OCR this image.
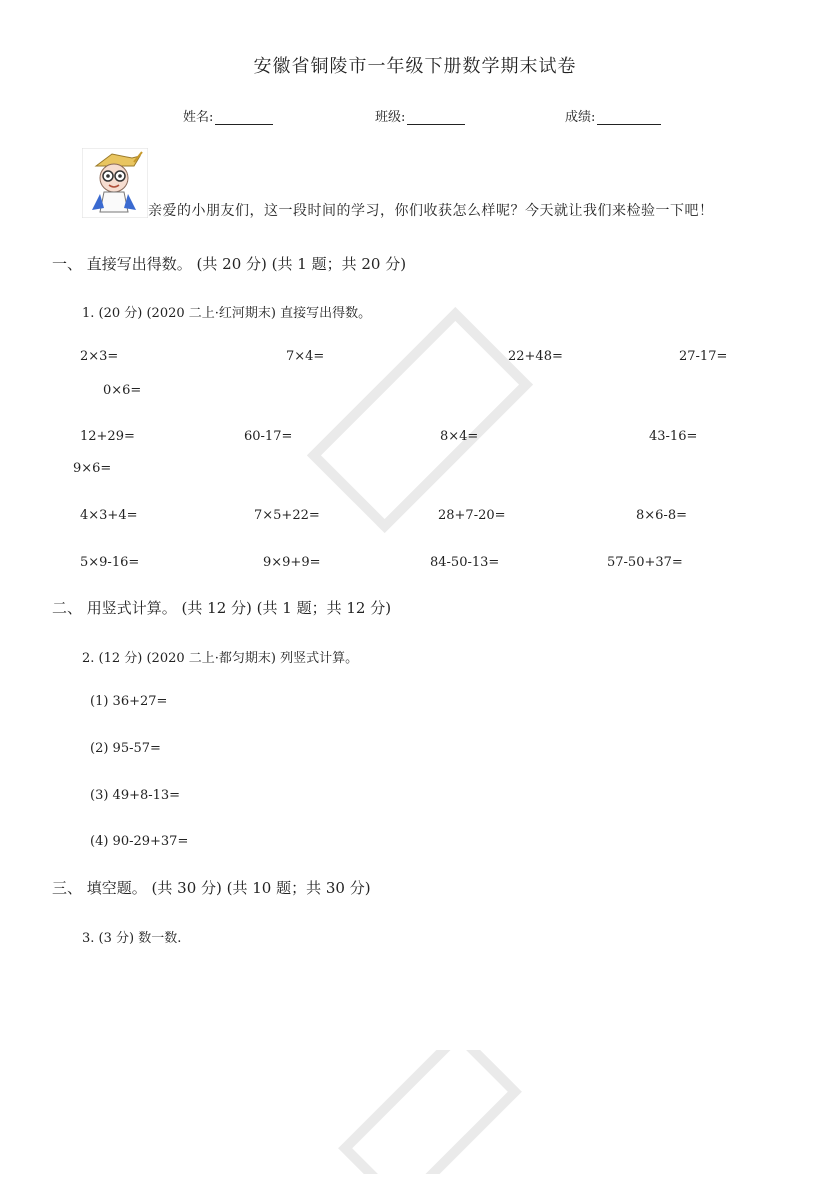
安徽省铜陵市一年级下册数学期末试卷
姓名:	班级:	成绩:
亲爱的小朋友们，这一段时间的学习，你们收获怎么样呢？今天就让我们来检验一下吧！
一、 直接写出得数。 (共 20 分) (共 1 题；共 20 分)
1. (20 分) (2020 二上·红河期末) 直接写出得数。
2×3=	7×4=	22+48=	27-17=
0×6=
12+29=	60-17=	8×4=	43-16=
9×6=
4×3+4=	7×5+22=	28+7-20=	8×6-8=
5×9-16=	9×9+9=	84-50-13=	57-50+37=
二、 用竖式计算。 (共 12 分) (共 1 题；共 12 分)
2. (12 分) (2020 二上·都匀期末) 列竖式计算。
(1) 36+27=
(2) 95-57=
(3) 49+8-13=
(4) 90-29+37=
三、 填空题。 (共 30 分) (共 10 题；共 30 分)
3. (3 分) 数一数.
